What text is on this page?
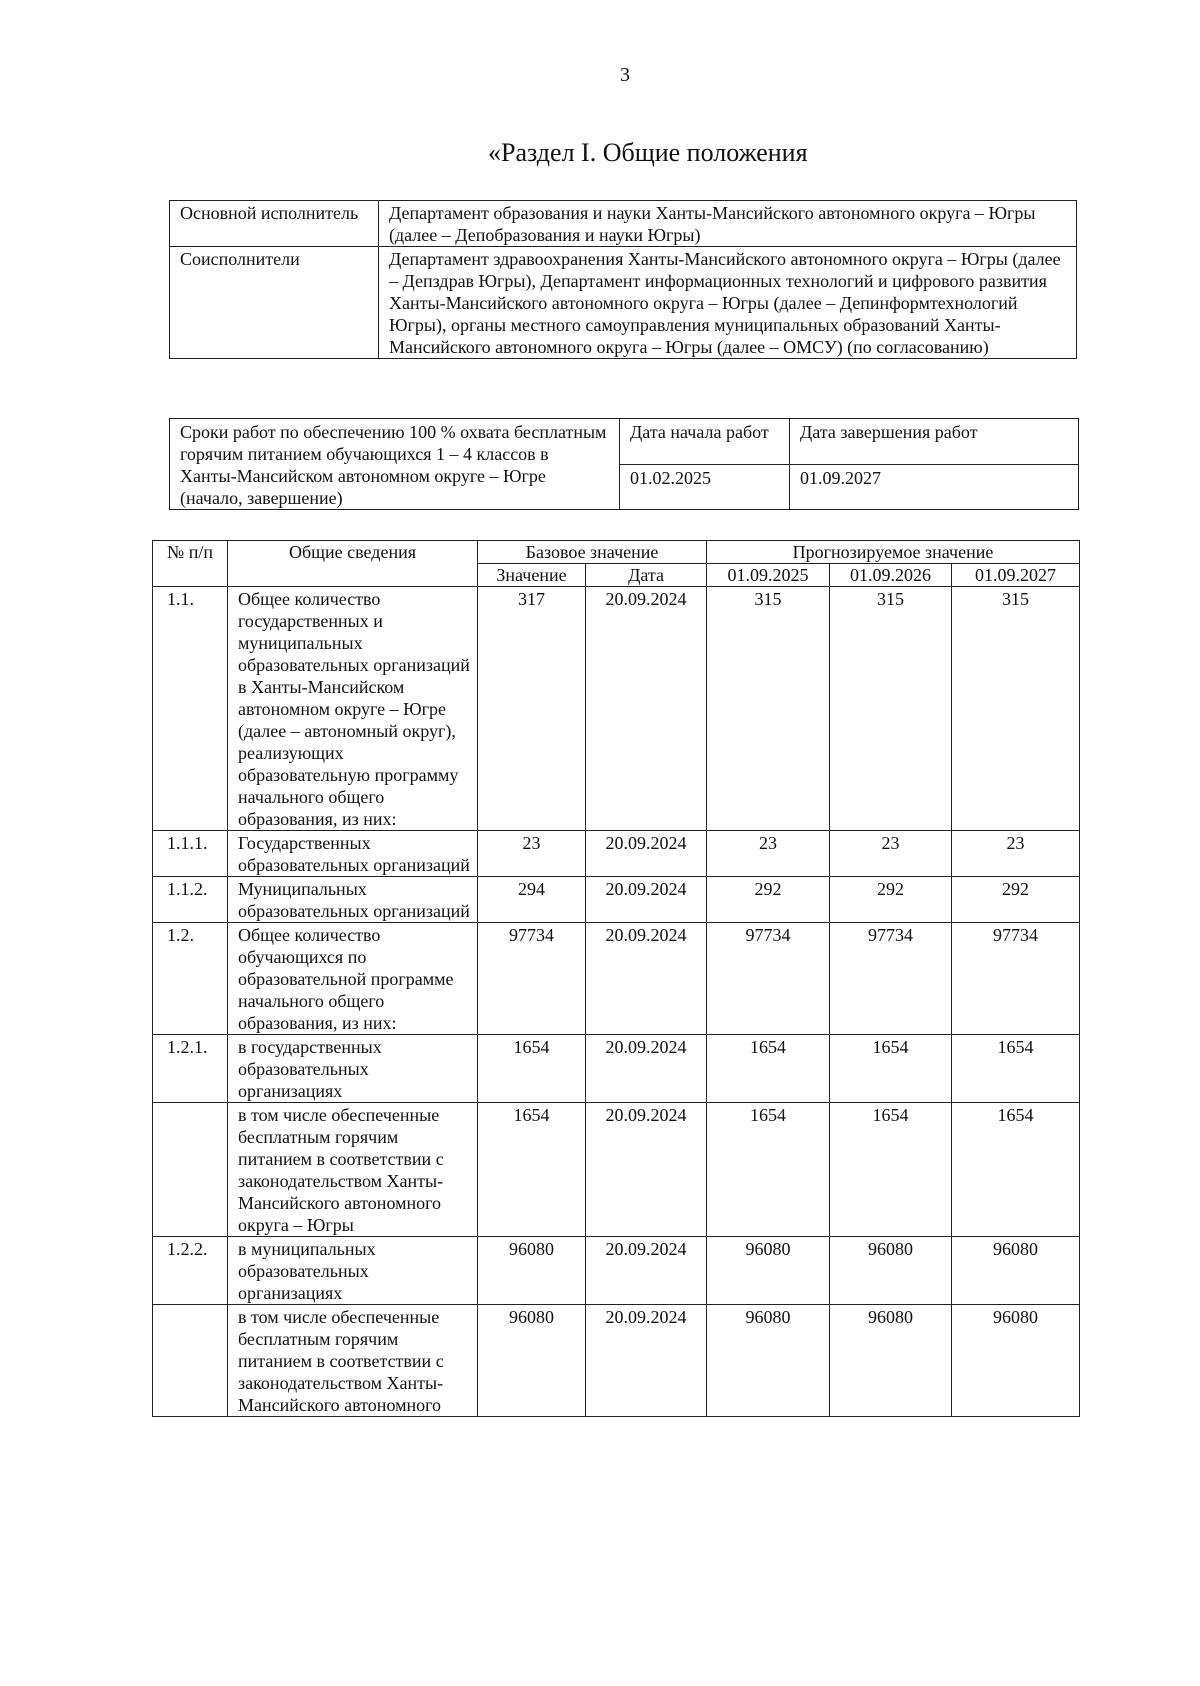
3
«Раздел I. Общие положения
Основной исполнитель	Департамент образования и науки Ханты-Мансийского автономного округа – Югры (далее – Депобразования и науки Югры)
Соисполнители	Департамент здравоохранения Ханты-Мансийского автономного округа – Югры (далее – Депздрав Югры), Департамент информационных технологий и цифрового развития Ханты-Мансийского автономного округа – Югры (далее – Депинформтехнологий Югры), органы местного самоуправления муниципальных образований Ханты-Мансийского автономного округа – Югры (далее – ОМСУ) (по согласованию)
Сроки работ по обеспечению 100 % охвата бесплатным горячим питанием обучающихся 1 – 4 классов в Ханты-Мансийском автономном округе – Югре (начало, завершение)	Дата начала работ	Дата завершения работ
	01.02.2025	01.09.2027
№ п/п	Общие сведения	Базовое значение		Прогнозируемое значение		
		Значение	Дата	01.09.2025	01.09.2026	01.09.2027
1.1.	Общее количество государственных и муниципальных образовательных организаций в Ханты-Мансийском автономном округе – Югре (далее – автономный округ), реализующих образовательную программу начального общего образования, из них:	317	20.09.2024	315	315	315
1.1.1.	Государственных образовательных организаций	23	20.09.2024	23	23	23
1.1.2.	Муниципальных образовательных организаций	294	20.09.2024	292	292	292
1.2.	Общее количество обучающихся по образовательной программе начального общего образования, из них:	97734	20.09.2024	97734	97734	97734
1.2.1.	в государственных образовательных организациях	1654	20.09.2024	1654	1654	1654
	в том числе обеспеченные бесплатным горячим питанием в соответствии с законодательством Ханты-Мансийского автономного округа – Югры	1654	20.09.2024	1654	1654	1654
1.2.2.	в муниципальных образовательных организациях	96080	20.09.2024	96080	96080	96080
	в том числе обеспеченные бесплатным горячим питанием в соответствии с законодательством Ханты-Мансийского автономного	96080	20.09.2024	96080	96080	96080
